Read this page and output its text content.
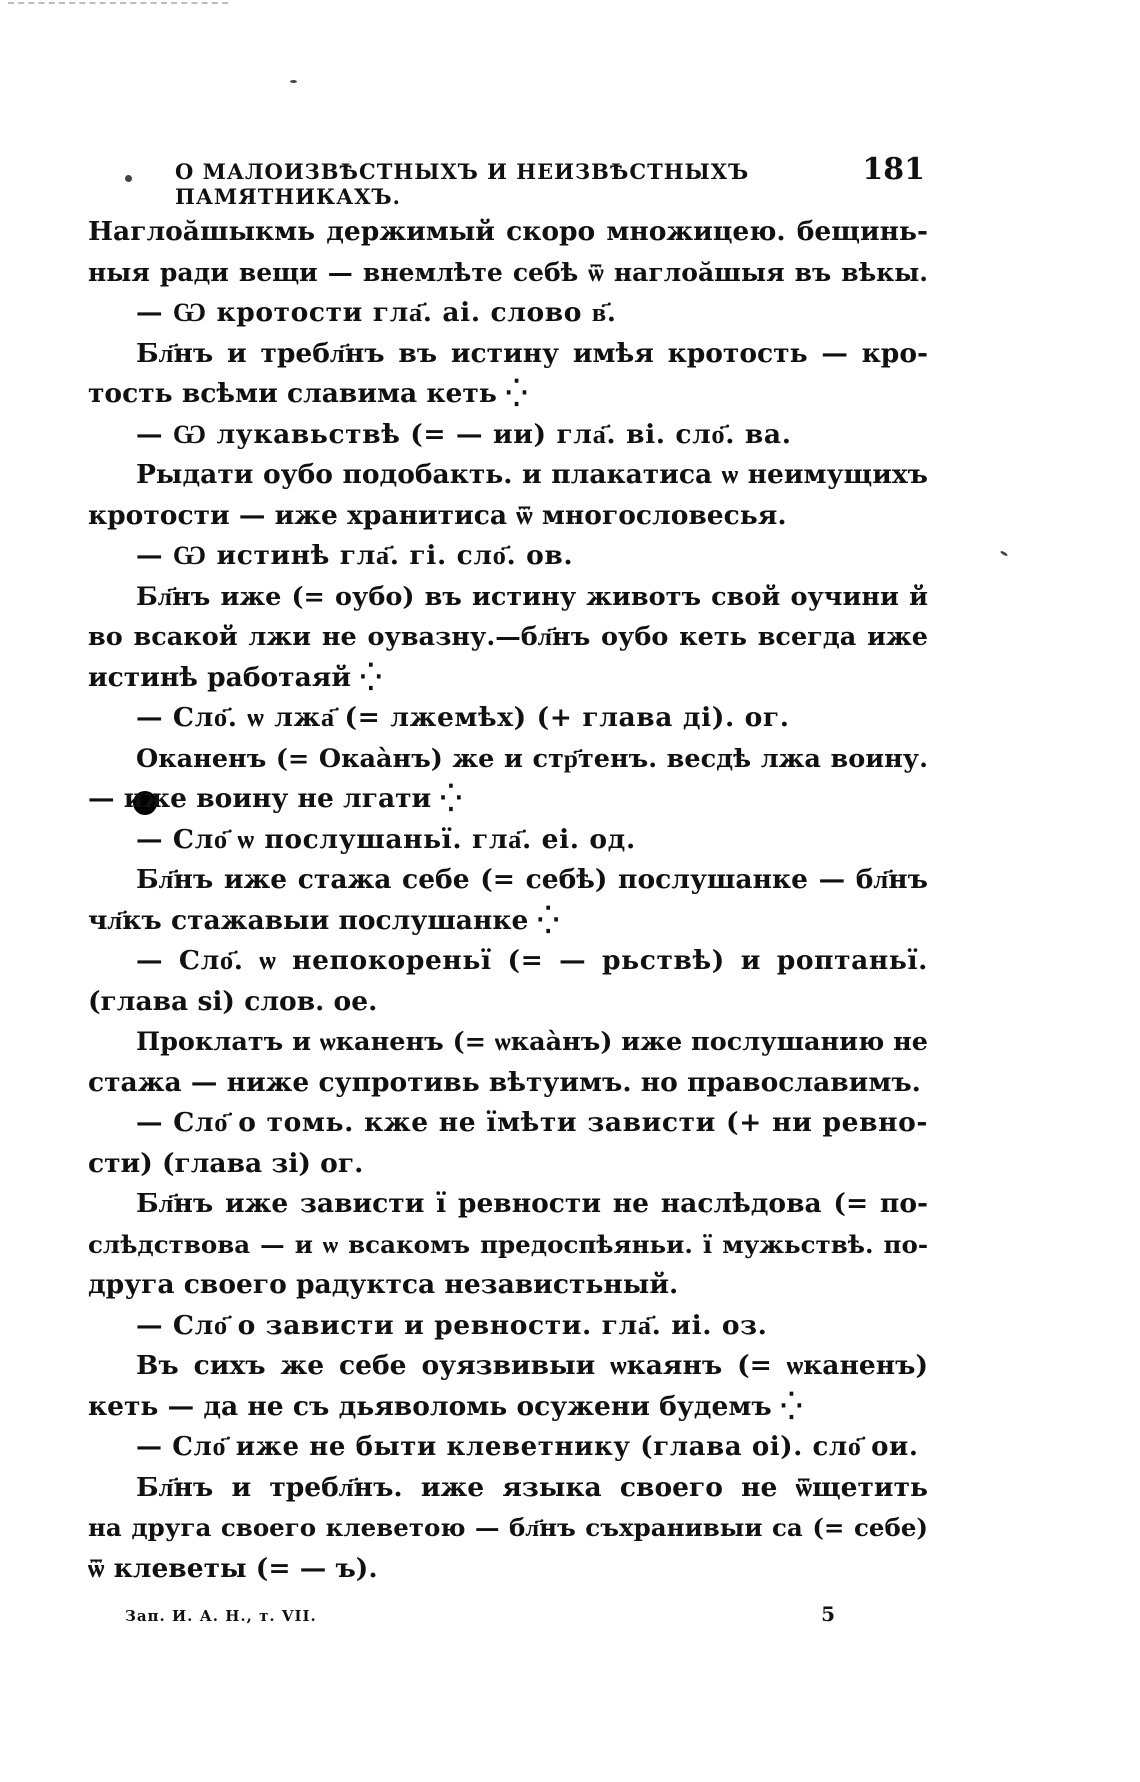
О МАЛОИЗВѢСТНЫХЪ И НЕИЗВѢСТНЫХЪ ПАМЯТНИКАХЪ.
181
Наглоӑшыкмь держимый скоро множицею. бещинь-
ныя ради вещи — внемлѣте себѣ ѿ наглоӑшыя въ вѣкы.
— Ѡ кротости гла҃. аі. слово в҃.
Бл҃нъ и требл҃нъ въ истину имѣя кротость — кро-
тость всѣми славима кеть ⁛
— Ѡ лукавьствѣ (= — ии) гла҃. ві. сло҃. ва.
Рыдати оубо подобакть. и плакатиса ѡ неимущихъ
кротости — иже хранитиса ѿ многословесья.
— Ѡ истинѣ гла҃. гі. сло҃. ов.
Бл҃нъ иже (= оубо) въ истину животъ свой оучини й
во всакой лжи не оувазну.—бл҃нъ оубо кеть всегда иже
истинѣ работаяй ⁛
— Сло҃. ѡ лжа҃ (= лжемѣх) (+ глава ді). ог.
Оканенъ (= Окаа̀нъ) же и стр҃тенъ. весдѣ лжа воину.
— иже воину не лгати ⁛
— Сло҃ ѡ послушаньї. гла҃. еі. од.
Бл҃нъ иже стажа себе (= себѣ) послушанке — бл҃нъ
чл҃къ стажавыи послушанке ⁛
— Сло҃. ѡ непокореньї (= — рьствѣ) и роптаньї.
(глава ѕі) слов. ое.
Проклатъ и ѡканенъ (= ѡкаа̀нъ) иже послушанию не
стажа — ниже супротивь вѣтуимъ. но православимъ.
— Сло҃ о томь. кже не їмѣти зависти (+ ни ревно-
сти) (глава зі) ог.
Бл҃нъ иже зависти ї ревности не наслѣдова (= по-
слѣдствова — и ѡ всакомъ предоспѣяньи. ї мужьствѣ. по-
друга своего радуктса независтьный.
— Сло҃ о зависти и ревности. гла҃. иі. оз.
Въ сихъ же себе оуязвивыи ѡкаянъ (= ѡканенъ)
кеть — да не съ дьяволомь осужени будемъ ⁛
— Сло҃ иже не быти клеветнику (глава оі). сло҃ ои.
Бл҃нъ и требл҃нъ. иже языка своего не ѿщетить
на друга своего клеветою — бл҃нъ съхранивыи са (= себе)
ѿ клеветы (= — ъ).
Зап. И. А. Н., т. VII.	5
